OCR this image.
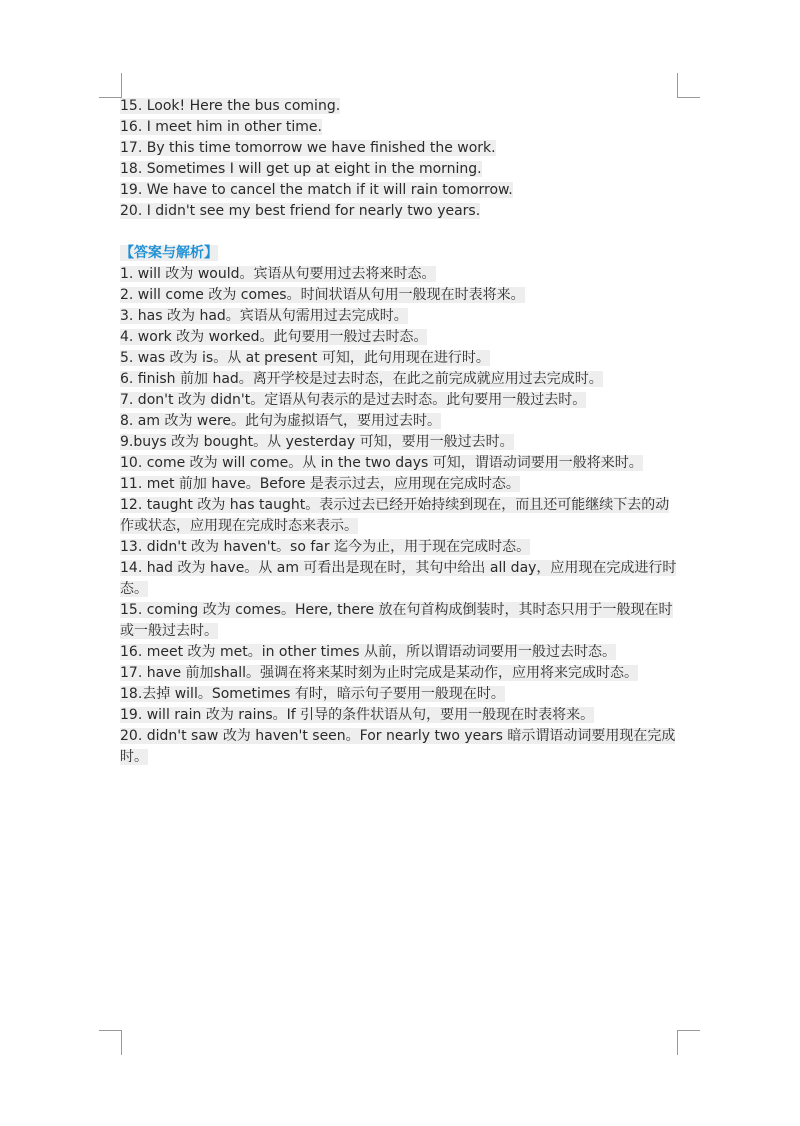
15. Look! Here the bus coming.

16. I meet him in other time.

17. By this time tomorrow we have finished the work.

18. Sometimes I will get up at eight in the morning.

19. We have to cancel the match if it will rain tomorrow.

20. I didn't see my best friend for nearly two years.

【答案与解析】

1. will 改为 would。宾语从句要用过去将来时态。

2. will come 改为 comes。时间状语从句用一般现在时表将来。

3. has 改为 had。宾语从句需用过去完成时。

4. work 改为 worked。此句要用一般过去时态。

5. was 改为 is。从 at present 可知，此句用现在进行时。

6. finish 前加 had。离开学校是过去时态，在此之前完成就应用过去完成时。

7. don't 改为 didn't。定语从句表示的是过去时态。此句要用一般过去时。

8. am 改为 were。此句为虚拟语气，要用过去时。

9.buys 改为 bought。从 yesterday 可知，要用一般过去时。

10. come 改为 will come。从 in the two days 可知，谓语动词要用一般将来时。

11. met 前加 have。Before 是表示过去，应用现在完成时态。

12. taught 改为 has taught。表示过去已经开始持续到现在，而且还可能继续下去的动作或状态，应用现在完成时态来表示。

13. didn't 改为 haven't。so far 迄今为止，用于现在完成时态。

14. had 改为 have。从 am 可看出是现在时，其句中给出 all day，应用现在完成进行时态。

15. coming 改为 comes。Here, there 放在句首构成倒装时，其时态只用于一般现在时或一般过去时。

16. meet 改为 met。in other times 从前，所以谓语动词要用一般过去时态。

17. have 前加shall。强调在将来某时刻为止时完成是某动作，应用将来完成时态。

18.去掉 will。Sometimes 有时，暗示句子要用一般现在时。

19. will rain 改为 rains。If 引导的条件状语从句，要用一般现在时表将来。

20. didn't saw 改为 haven't seen。For nearly two years 暗示谓语动词要用现在完成时。
